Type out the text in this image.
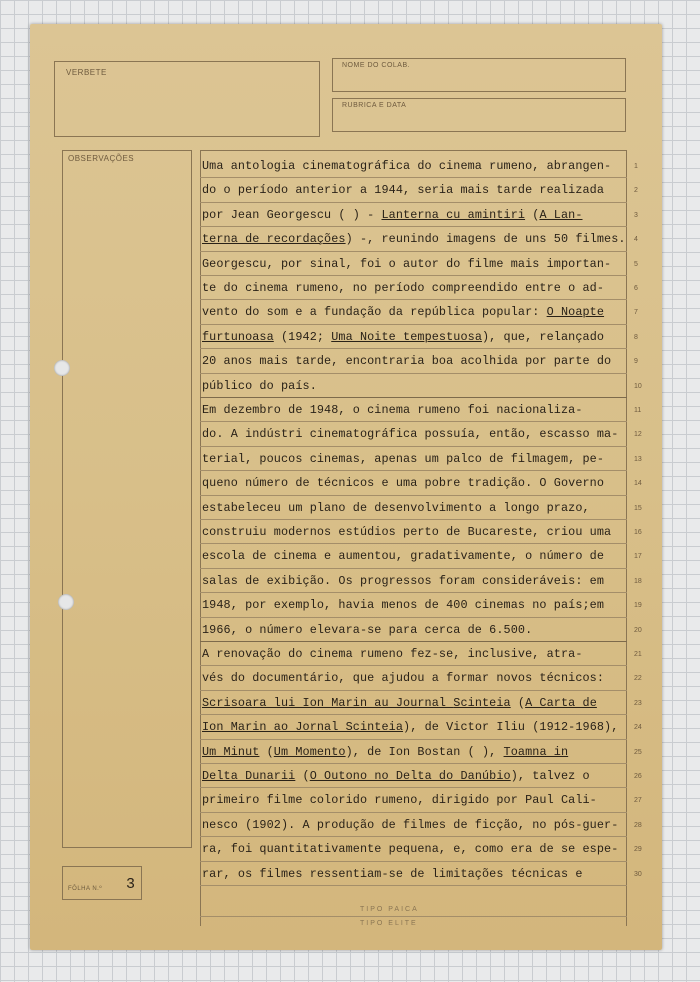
VERBETE
NOME DO COLAB.
RUBRICA E DATA
OBSERVAÇÕES
FÔLHA N.º 3
Uma antologia cinematográfica do cinema rumeno, abrangen-
do o período anterior a 1944, seria mais tarde realizada
por Jean Georgescu ( ) - Lanterna cu amintiri (A Lan-
terna de recordações) -, reunindo imagens de uns 50 filmes.
Georgescu, por sinal, foi o autor do filme mais importan-
te do cinema rumeno, no período compreendido entre o ad-
vento do som e a fundação da república popular: O Noapte
furtunoasa (1942; Uma Noite tempestuosa), que, relançado
20 anos mais tarde, encontraria boa acolhida por parte do
público do país.
Em dezembro de 1948, o cinema rumeno foi nacionaliza-
do. A indústri cinematográfica possuía, então, escasso ma-
terial, poucos cinemas, apenas um palco de filmagem, pe-
queno número de técnicos e uma pobre tradição. O Governo
estabeleceu um plano de desenvolvimento a longo prazo,
construiu modernos estúdios perto de Bucareste, criou uma
escola de cinema e aumentou, gradativamente, o número de
salas de exibição. Os progressos foram consideráveis: em
1948, por exemplo, havia menos de 400 cinemas no país;em
1966, o número elevara-se para cerca de 6.500.
A renovação do cinema rumeno fez-se, inclusive, atra-
vés do documentário, que ajudou a formar novos técnicos:
Scrisoara lui Ion Marin au Journal Scinteia (A Carta de
Ion Marin ao Jornal Scinteia), de Victor Iliu (1912-1968),
Um Minut (Um Momento), de Ion Bostan ( ), Toamna in
Delta Dunarii (O Outono no Delta do Danúbio), talvez o
primeiro filme colorido rumeno, dirigido por Paul Cali-
nesco (1902). A produção de filmes de ficção, no pós-guer-
ra, foi quantitativamente pequena, e, como era de se espe-
rar, os filmes ressentiam-se de limitações técnicas e
TIPO PAICA
TIPO ELITE
1
2
3
4
5
6
7
8
9
10
11
12
13
14
15
16
17
18
19
20
21
22
23
24
25
26
27
28
29
30
